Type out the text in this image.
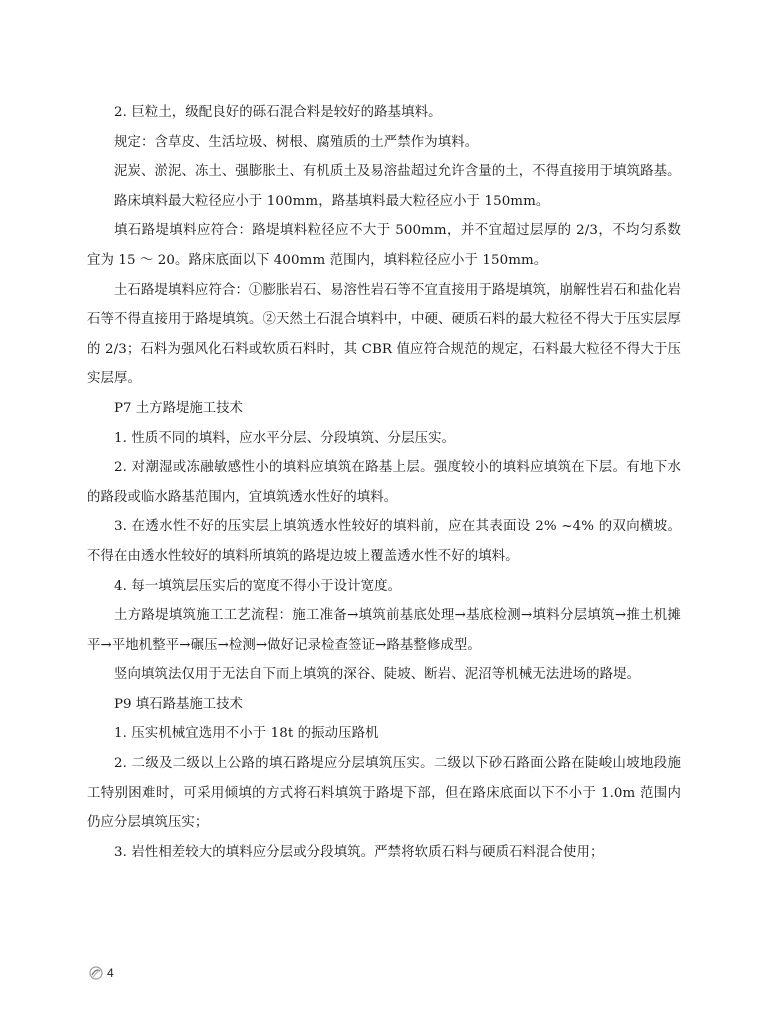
2. 巨粒土，级配良好的砾石混合料是较好的路基填料。

规定：含草皮、生活垃圾、树根、腐殖质的土严禁作为填料。

泥炭、淤泥、冻土、强膨胀土、有机质土及易溶盐超过允许含量的土，不得直接用于填筑路基。

路床填料最大粒径应小于 100mm，路基填料最大粒径应小于 150mm。

填石路堤填料应符合：路堤填料粒径应不大于 500mm，并不宜超过层厚的 2/3，不均匀系数宜为 15 ～ 20。路床底面以下 400mm 范围内，填料粒径应小于 150mm。

土石路堤填料应符合：①膨胀岩石、易溶性岩石等不宜直接用于路堤填筑，崩解性岩石和盐化岩石等不得直接用于路堤填筑。②天然土石混合填料中，中硬、硬质石料的最大粒径不得大于压实层厚的 2/3；石料为强风化石料或软质石料时，其 CBR 值应符合规范的规定，石料最大粒径不得大于压实层厚。

P7 土方路堤施工技术

1. 性质不同的填料，应水平分层、分段填筑、分层压实。

2. 对潮湿或冻融敏感性小的填料应填筑在路基上层。强度较小的填料应填筑在下层。有地下水的路段或临水路基范围内，宜填筑透水性好的填料。

3. 在透水性不好的压实层上填筑透水性较好的填料前，应在其表面设 2% ~4% 的双向横坡。不得在由透水性较好的填料所填筑的路堤边坡上覆盖透水性不好的填料。

4. 每一填筑层压实后的宽度不得小于设计宽度。

土方路堤填筑施工工艺流程：施工准备→填筑前基底处理→基底检测→填料分层填筑→推土机摊平→平地机整平→碾压→检测→做好记录检查签证→路基整修成型。

竖向填筑法仅用于无法自下而上填筑的深谷、陡坡、断岩、泥沼等机械无法进场的路堤。

P9 填石路基施工技术

1. 压实机械宜选用不小于 18t 的振动压路机

2. 二级及二级以上公路的填石路堤应分层填筑压实。二级以下砂石路面公路在陡峻山坡地段施工特别困难时，可采用倾填的方式将石料填筑于路堤下部，但在路床底面以下不小于 1.0m 范围内仍应分层填筑压实；

3. 岩性相差较大的填料应分层或分段填筑。严禁将软质石料与硬质石料混合使用；

4
